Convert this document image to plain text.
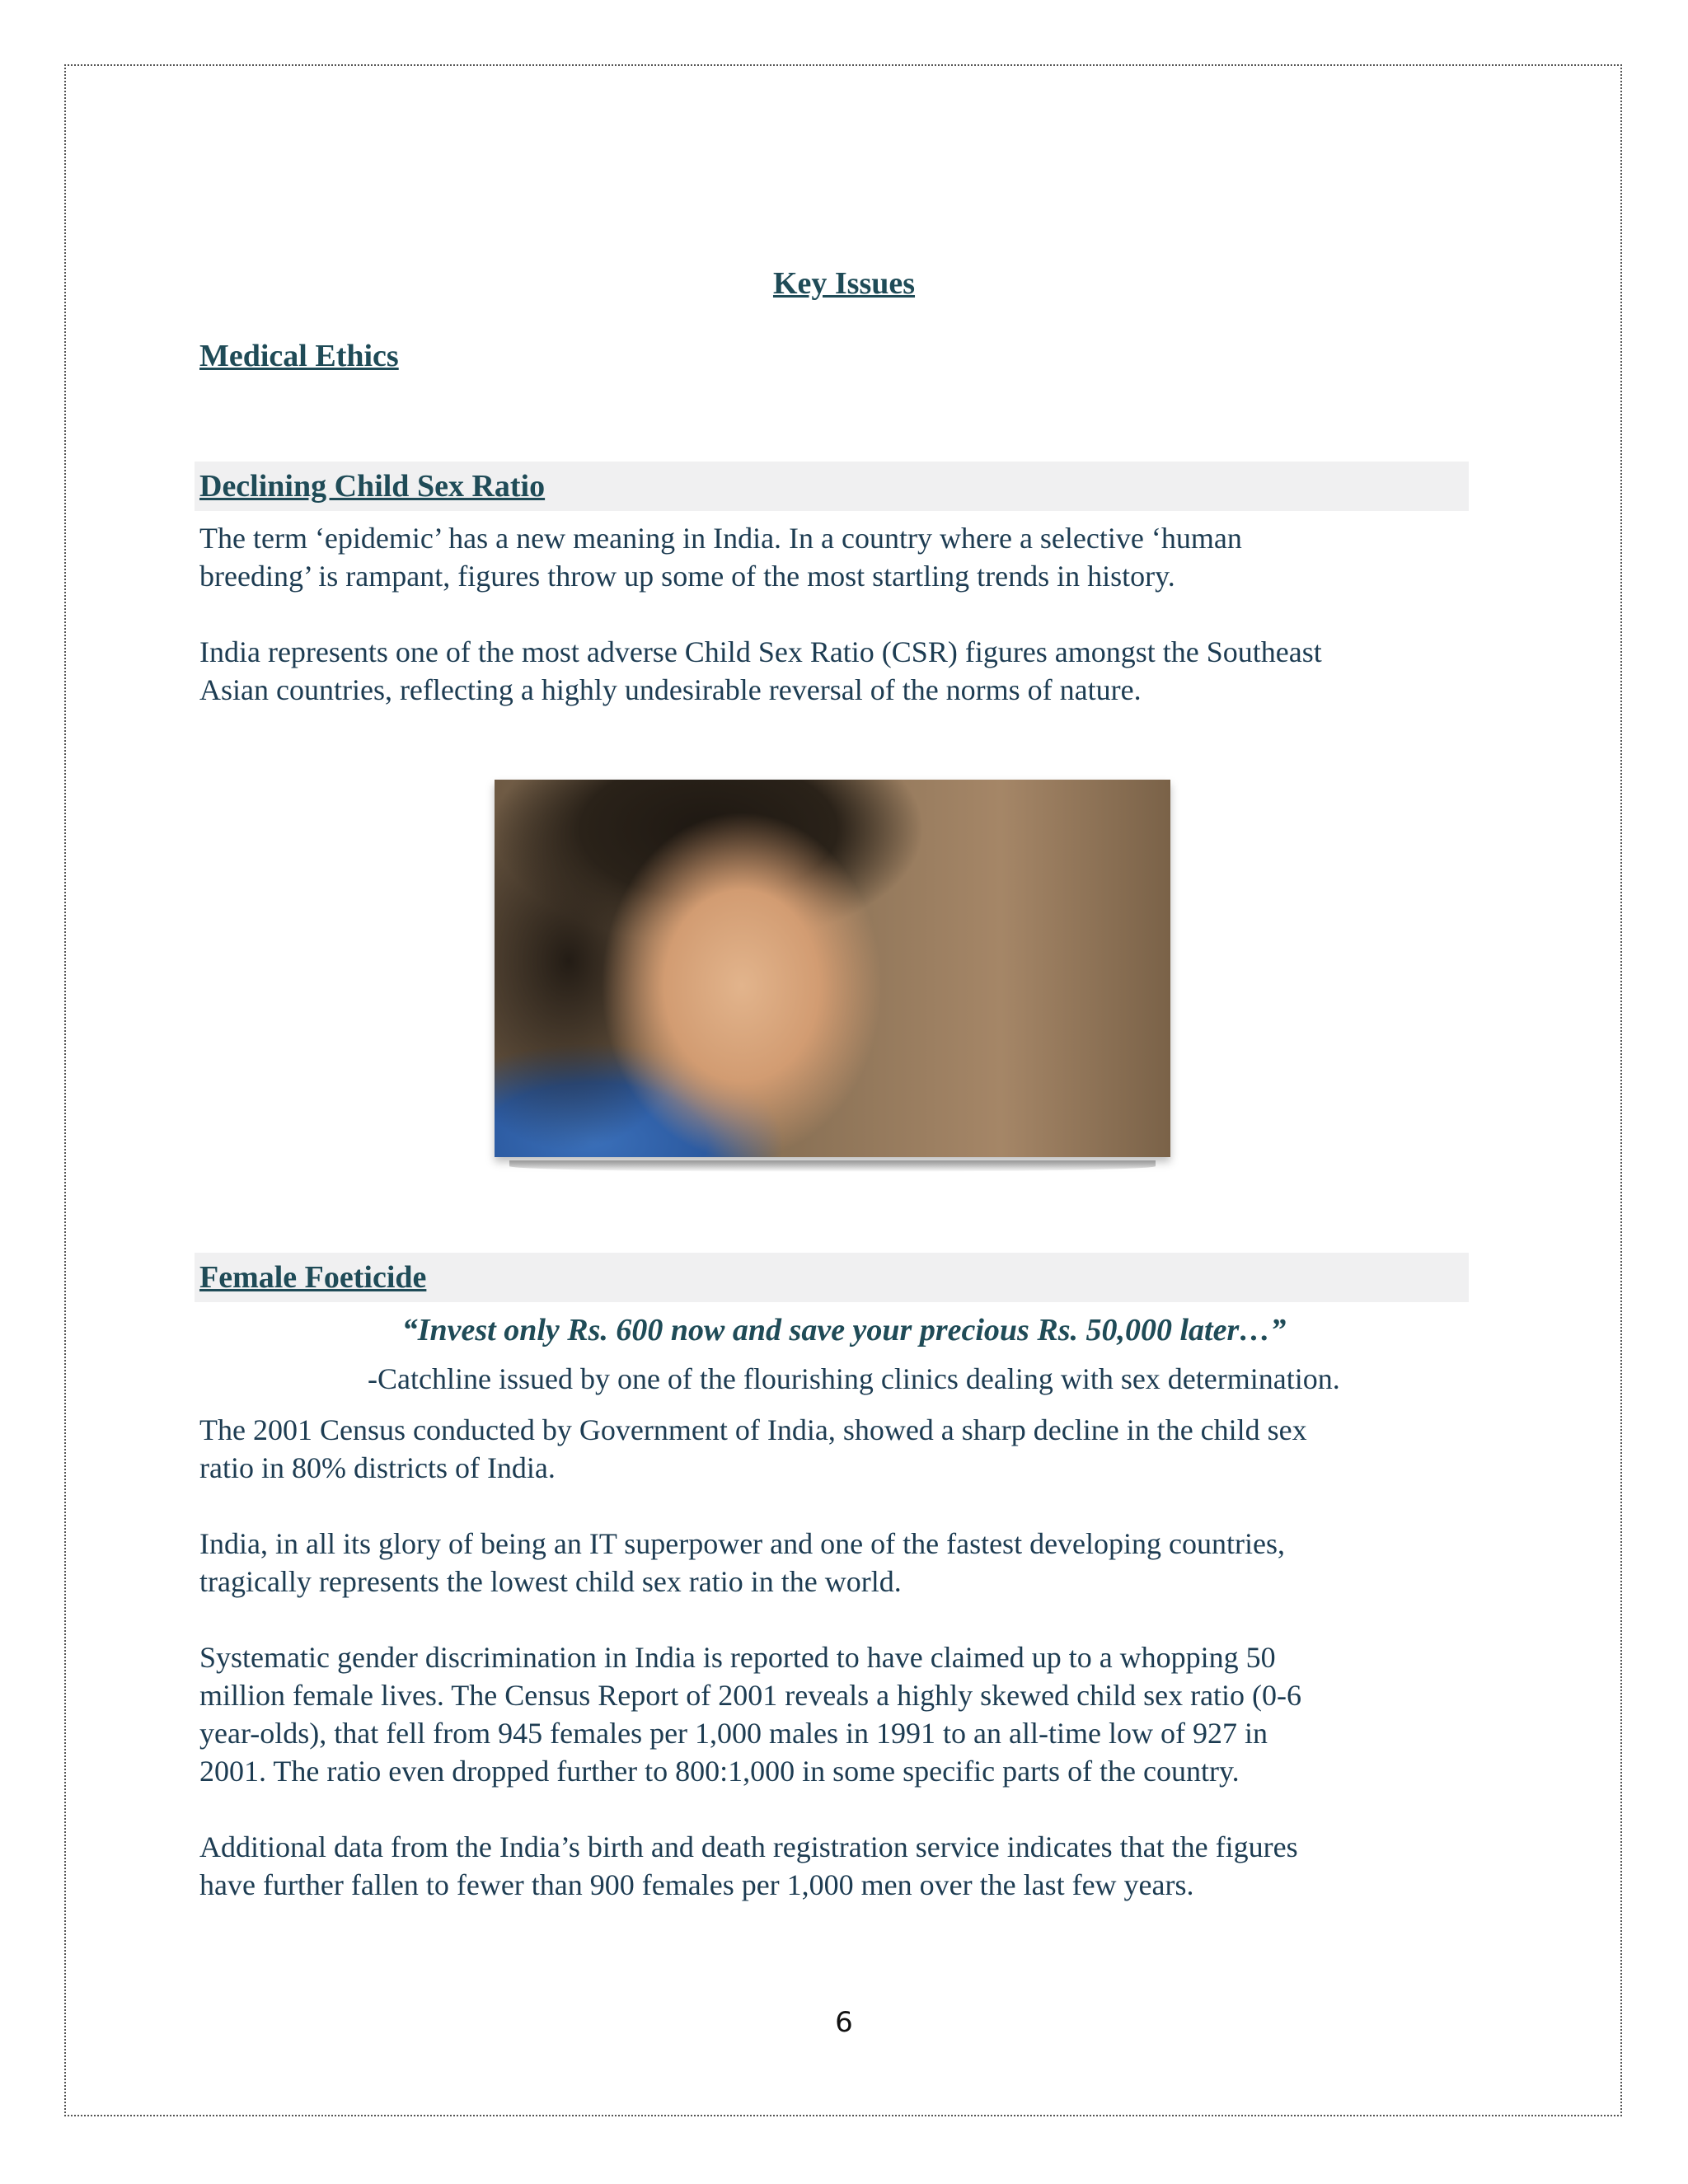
Key Issues
Medical Ethics
Declining Child Sex Ratio
The term ‘epidemic’ has a new meaning in India. In a country where a selective ‘human
breeding’ is rampant, figures throw up some of the most startling trends in history.
India represents one of the most adverse Child Sex Ratio (CSR) figures amongst the Southeast
Asian countries, reflecting a highly undesirable reversal of the norms of nature.
Female Foeticide
“Invest only Rs. 600 now and save your precious Rs. 50,000 later…”
-Catchline issued by one of the flourishing clinics dealing with sex determination.
The 2001 Census conducted by Government of India, showed a sharp decline in the child sex
ratio in 80% districts of India.
India, in all its glory of being an IT superpower and one of the fastest developing countries,
tragically represents the lowest child sex ratio in the world.
Systematic gender discrimination in India is reported to have claimed up to a whopping 50
million female lives. The Census Report of 2001 reveals a highly skewed child sex ratio (0-6
year-olds), that fell from 945 females per 1,000 males in 1991 to an all-time low of 927 in
2001. The ratio even dropped further to 800:1,000 in some specific parts of the country.
Additional data from the India’s birth and death registration service indicates that the figures
have further fallen to fewer than 900 females per 1,000 men over the last few years.
6
